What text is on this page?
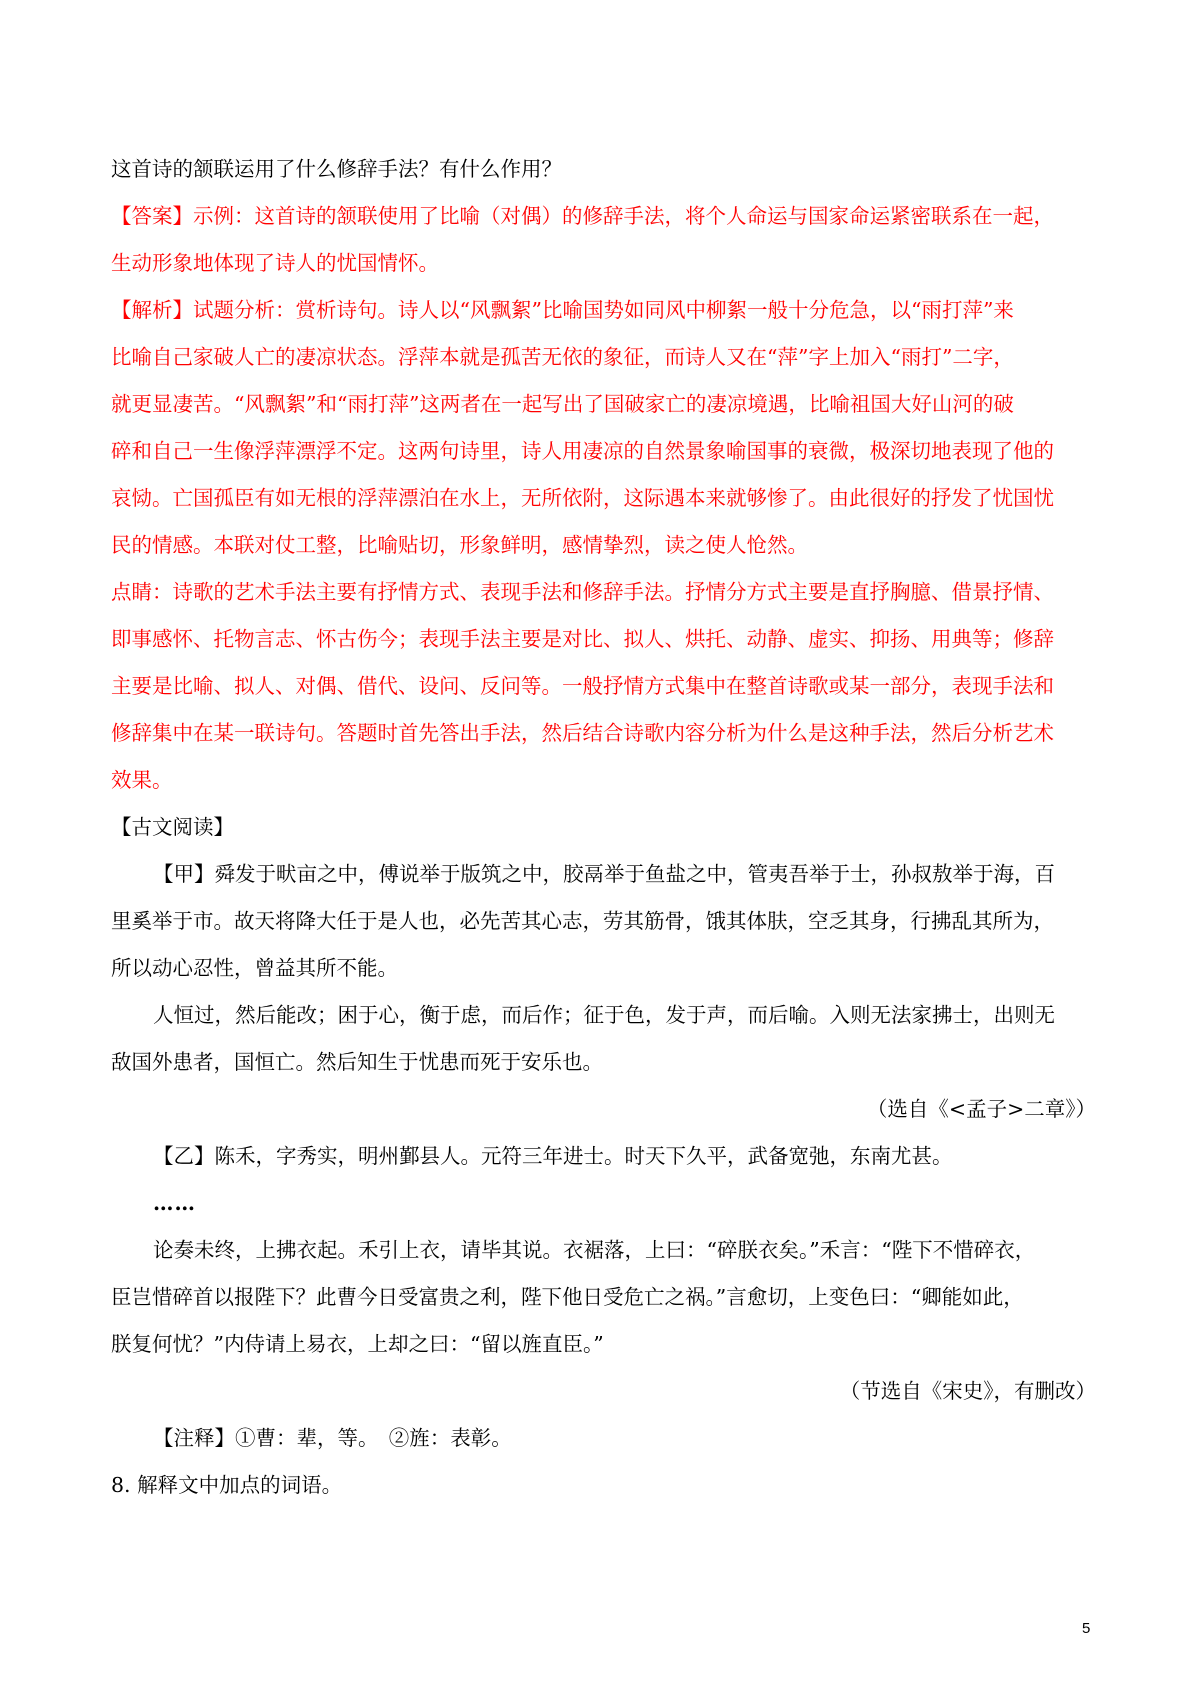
这首诗的颔联运用了什么修辞手法？有什么作用？

【答案】示例：这首诗的颔联使用了比喻（对偶）的修辞手法，将个人命运与国家命运紧密联系在一起，

生动形象地体现了诗人的忧国情怀。

【解析】试题分析：赏析诗句。诗人以“风飘絮”比喻国势如同风中柳絮一般十分危急，以“雨打萍”来

比喻自己家破人亡的凄凉状态。浮萍本就是孤苦无依的象征，而诗人又在“萍”字上加入“雨打”二字，

就更显凄苦。“风飘絮”和“雨打萍”这两者在一起写出了国破家亡的凄凉境遇，比喻祖国大好山河的破

碎和自己一生像浮萍漂浮不定。这两句诗里，诗人用凄凉的自然景象喻国事的衰微，极深切地表现了他的

哀恸。亡国孤臣有如无根的浮萍漂泊在水上，无所依附，这际遇本来就够惨了。由此很好的抒发了忧国忧

民的情感。本联对仗工整，比喻贴切，形象鲜明，感情挚烈，读之使人怆然。

点睛：诗歌的艺术手法主要有抒情方式、表现手法和修辞手法。抒情分方式主要是直抒胸臆、借景抒情、

即事感怀、托物言志、怀古伤今；表现手法主要是对比、拟人、烘托、动静、虚实、抑扬、用典等；修辞

主要是比喻、拟人、对偶、借代、设问、反问等。一般抒情方式集中在整首诗歌或某一部分，表现手法和

修辞集中在某一联诗句。答题时首先答出手法，然后结合诗歌内容分析为什么是这种手法，然后分析艺术

效果。

【古文阅读】

【甲】舜发于畎亩之中，傅说举于版筑之中，胶鬲举于鱼盐之中，管夷吾举于士，孙叔敖举于海，百

里奚举于市。故天将降大任于是人也，必先苦其心志，劳其筋骨，饿其体肤，空乏其身，行拂乱其所为，

所以动心忍性，曾益其所不能。

人恒过，然后能改；困于心，衡于虑，而后作；征于色，发于声，而后喻。入则无法家拂士，出则无

敌国外患者，国恒亡。然后知生于忧患而死于安乐也。

（选自《<孟子>二章》）

【乙】陈禾，字秀实，明州鄞县人。元符三年进士。时天下久平，武备宽弛，东南尤甚。

……

论奏未终，上拂衣起。禾引上衣，请毕其说。衣裾落，上曰：“碎朕衣矣。”禾言：“陛下不惜碎衣，

臣岂惜碎首以报陛下？此曹今日受富贵之利，陛下他日受危亡之祸。”言愈切，上变色曰：“卿能如此，

朕复何忧？”内侍请上易衣，上却之曰：“留以旌直臣。”

（节选自《宋史》，有删改）

【注释】①曹：辈，等。　②旌：表彰。

8. 解释文中加点的词语。

5
